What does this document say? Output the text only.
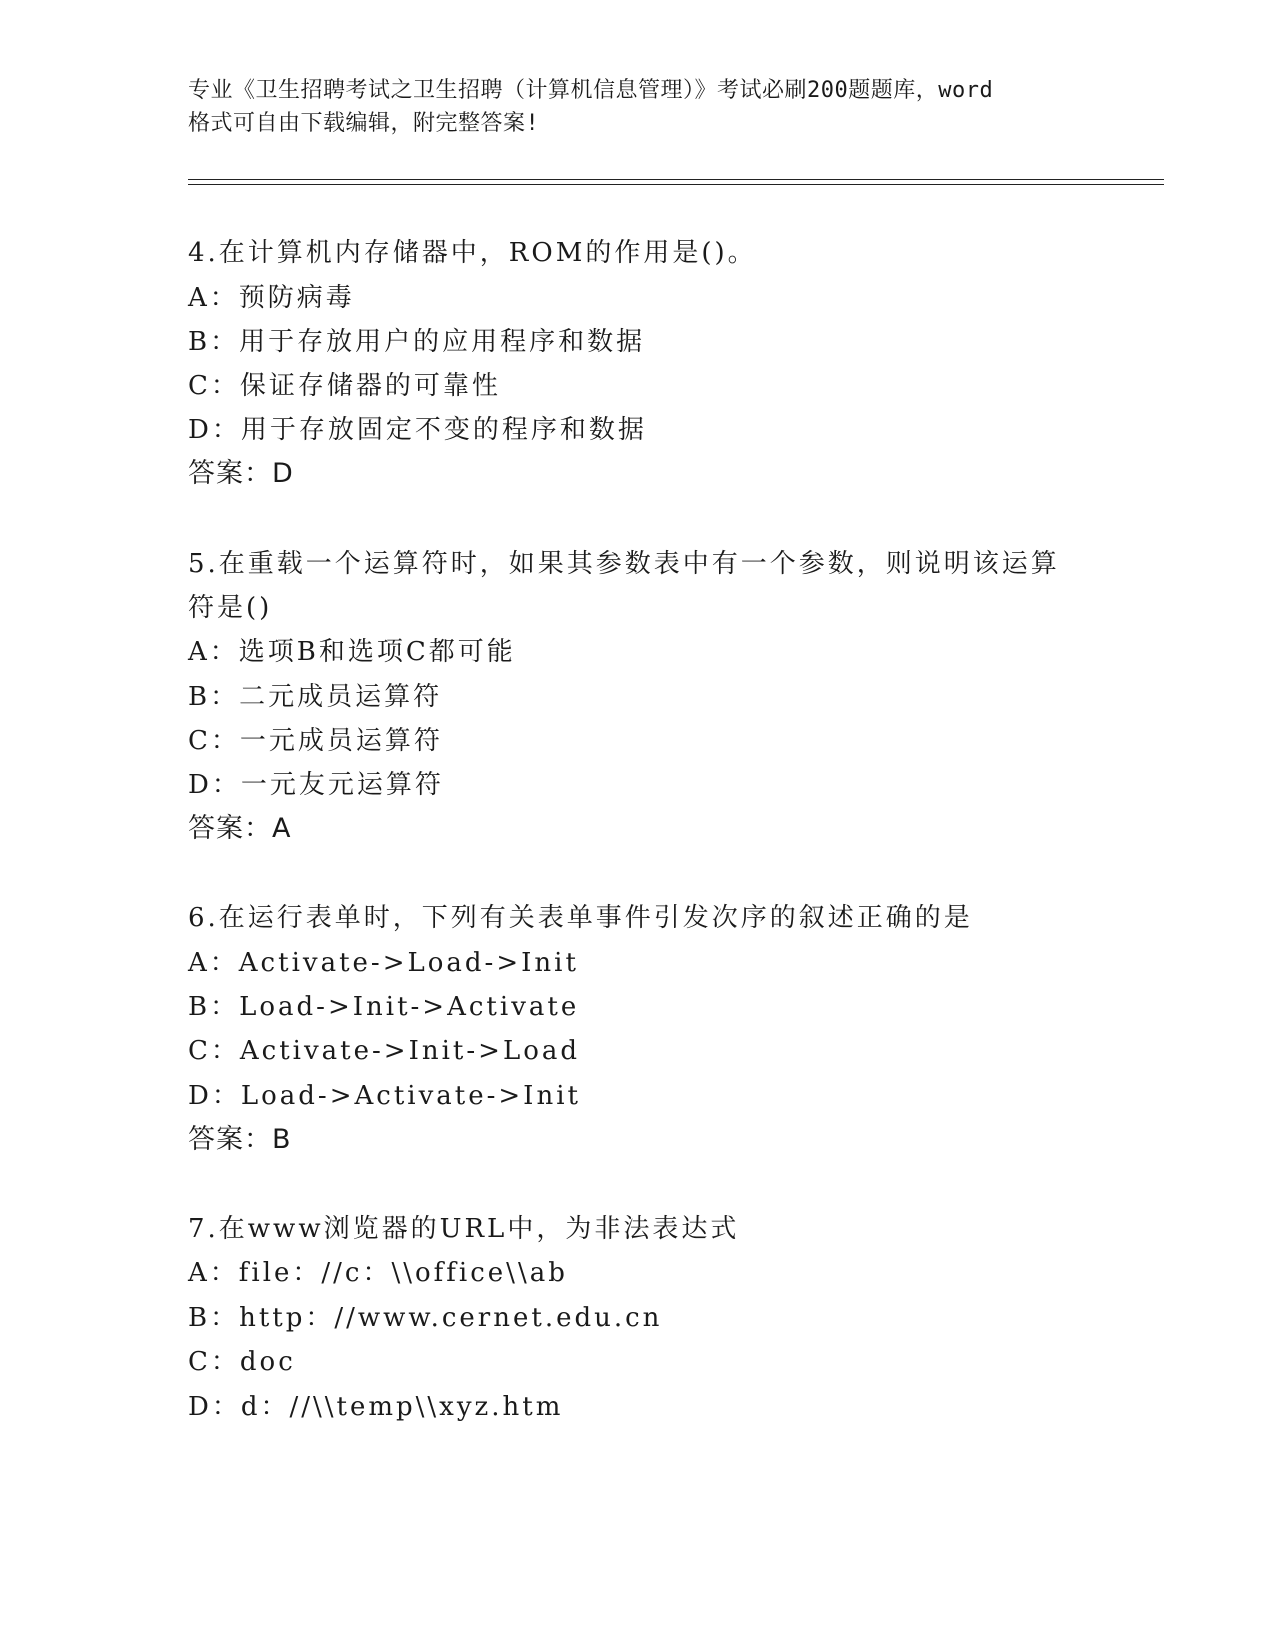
专业《卫生招聘考试之卫生招聘（计算机信息管理）》考试必刷200题题库，word
格式可自由下载编辑，附完整答案!
4.在计算机内存储器中，ROM的作用是()。
A：预防病毒
B：用于存放用户的应用程序和数据
C：保证存储器的可靠性
D：用于存放固定不变的程序和数据
答案：D
5.在重载一个运算符时，如果其参数表中有一个参数，则说明该运算
符是()
A：选项B和选项C都可能
B：二元成员运算符
C：一元成员运算符
D：一元友元运算符
答案：A
6.在运行表单时，下列有关表单事件引发次序的叙述正确的是
A：Activate->Load->Init
B：Load->Init->Activate
C：Activate->Init->Load
D：Load->Activate->Init
答案：B
7.在www浏览器的URL中，为非法表达式
A：file：//c：\\office\\ab
B：http：//www.cernet.edu.cn
C：doc
D：d：//\\temp\\xyz.htm
